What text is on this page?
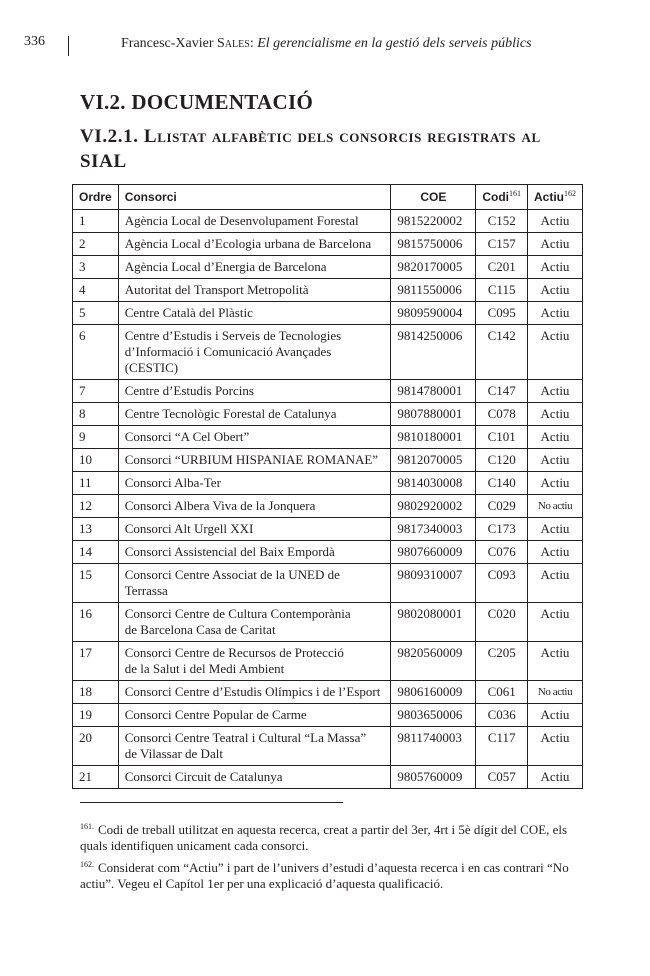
336	Francesc-Xavier Sales: El gerencialisme en la gestió dels serveis públics
VI.2. DOCUMENTACIÓ
VI.2.1. Llistat alfabètic dels consorcis registrats al SIAL
Ordre	Consorci	COE	Codi$^{161}$	Actiu$^{162}$
1	Agència Local de Desenvolupament Forestal	9815220002	C152	Actiu
2	Agència Local d’Ecologia urbana de Barcelona	9815750006	C157	Actiu
3	Agència Local d’Energia de Barcelona	9820170005	C201	Actiu
4	Autoritat del Transport Metropolità	9811550006	C115	Actiu
5	Centre Català del Plàstic	9809590004	C095	Actiu
6	Centre d’Estudis i Serveis de Tecnologies
d’Informació i Comunicació Avançades (CESTIC)	9814250006	C142	Actiu
7	Centre d’Estudis Porcins	9814780001	C147	Actiu
8	Centre Tecnològic Forestal de Catalunya	9807880001	C078	Actiu
9	Consorci “A Cel Obert”	9810180001	C101	Actiu
10	Consorci “URBIUM HISPANIAE ROMANAE”	9812070005	C120	Actiu
11	Consorci Alba-Ter	9814030008	C140	Actiu
12	Consorci Albera Viva de la Jonquera	9802920002	C029	No actiu
13	Consorci Alt Urgell XXI	9817340003	C173	Actiu
14	Consorci Assistencial del Baix Empordà	9807660009	C076	Actiu
15	Consorci Centre Associat de la UNED de Terrassa	9809310007	C093	Actiu
16	Consorci Centre de Cultura Contemporània
de Barcelona Casa de Caritat	9802080001	C020	Actiu
17	Consorci Centre de Recursos de Protecció
de la Salut i del Medi Ambient	9820560009	C205	Actiu
18	Consorci Centre d’Estudis Olímpics i de l’Esport	9806160009	C061	No actiu
19	Consorci Centre Popular de Carme	9803650006	C036	Actiu
20	Consorci Centre Teatral i Cultural “La Massa”
de Vilassar de Dalt	9811740003	C117	Actiu
21	Consorci Circuit de Catalunya	9805760009	C057	Actiu
$^{161.}$ Codi de treball utilitzat en aquesta recerca, creat a partir del 3er, 4rt i 5è dígit del COE, els quals identifiquen unicament cada consorci.
$^{162.}$ Considerat com “Actiu” i part de l’univers d’estudi d’aquesta recerca i en cas contrari “No actiu”. Vegeu el Capítol 1er per una explicació d’aquesta qualificació.
